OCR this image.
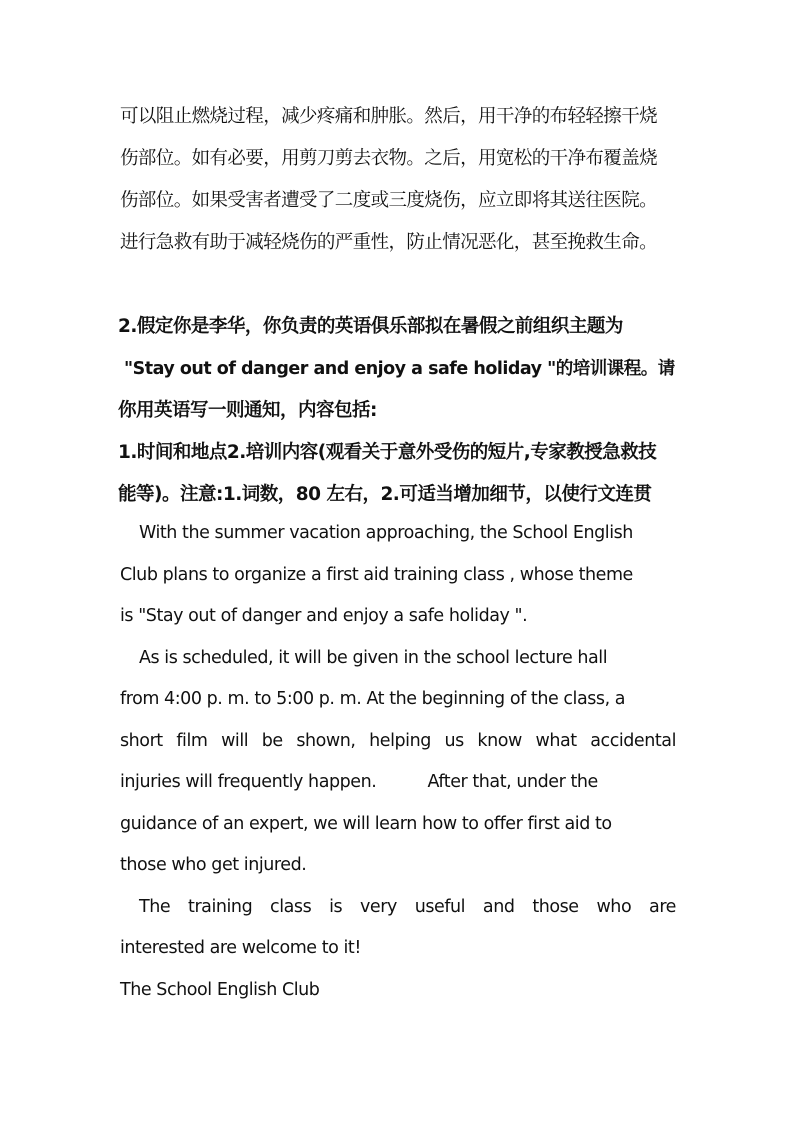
可以阻止燃烧过程，减少疼痛和肿胀。然后，用干净的布轻轻擦干烧
伤部位。如有必要，用剪刀剪去衣物。之后，用宽松的干净布覆盖烧
伤部位。如果受害者遭受了二度或三度烧伤，应立即将其送往医院。
进行急救有助于减轻烧伤的严重性，防止情况恶化，甚至挽救生命。
2.假定你是李华，你负责的英语俱乐部拟在暑假之前组织主题为
"Stay out of danger and enjoy a safe holiday "的培训课程。请
你用英语写一则通知，内容包括:
1.时间和地点2.培训内容(观看关于意外受伤的短片,专家教授急救技
能等)。注意:1.词数，80 左右，2.可适当增加细节，以使行文连贯
With the summer vacation approaching, the School English
Club plans to organize a first aid training class , whose theme
is "Stay out of danger and enjoy a safe holiday ".
As is scheduled, it will be given in the school lecture hall
from 4:00 p. m. to 5:00 p. m. At the beginning of the class, a
short film will be shown, helping us know what accidental
injuries will frequently happen.          After that, under the
guidance of an expert, we will learn how to offer first aid to
those who get injured.
The training class is very useful and those who are
interested are welcome to it!
The School English Club
